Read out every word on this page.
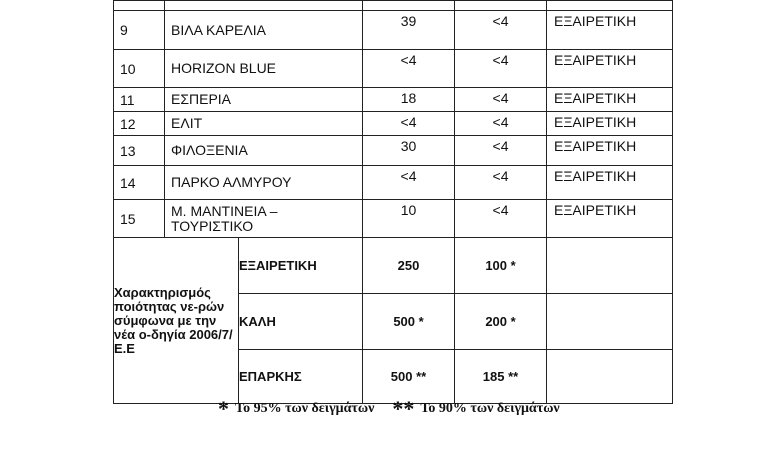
9	ΒΙΛΑ ΚΑΡΕΛΙΑ		39	<4	ΕΞΑΙΡΕΤΙΚΗ
10	HORIZON BLUE		<4	<4	ΕΞΑΙΡΕΤΙΚΗ
11	ΕΣΠΕΡΙΑ		18	<4	ΕΞΑΙΡΕΤΙΚΗ
12	ΕΛΙΤ		<4	<4	ΕΞΑΙΡΕΤΙΚΗ
13	ΦΙΛΟΞΕΝΙΑ		30	<4	ΕΞΑΙΡΕΤΙΚΗ
14	ΠΑΡΚΟ ΑΛΜΥΡΟΥ		<4	<4	ΕΞΑΙΡΕΤΙΚΗ
15	Μ. ΜΑΝΤΙΝΕΙΑ – ΤΟΥΡΙΣΤΙΚΟ		10	<4	ΕΞΑΙΡΕΤΙΚΗ
Χαρακτηρισμός ποιότητας νε-ρών σύμφωνα με την νέα ο-δηγία 2006/7/Ε.Ε		ΕΞΑΙΡΕΤΙΚΗ	250	100 *	
		ΚΑΛΗ	500 *	200 *	
		ΕΠΑΡΚΗΣ	500 **	185 **	
* Το 95% των δειγμάτων ** Το 90% των δειγμάτων
